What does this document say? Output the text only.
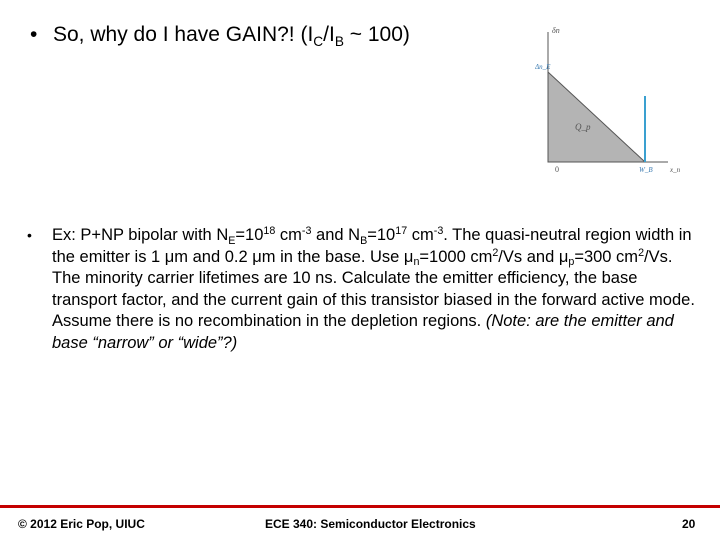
• So, why do I have GAIN?! ($I_C/I_B$ ~ 100)	δn
Δn_E
Q_p
0	W_B x_n
• Ex: P+NP bipolar with $N_E=10^{18}$ $cm^{-3}$ and $N_B=10^{17}$ $cm^{-3}$. The quasi-neutral region width in the emitter is 1 μm and 0.2 μm in the base. Use $\mu_n=1000$ $cm^2/Vs$ and $\mu_p=300$ $cm^2/Vs$. The minority carrier lifetimes are 10 ns. Calculate the emitter efficiency, the base transport factor, and the current gain of this transistor biased in the forward active mode. Assume there is no recombination in the depletion regions. (Note: are the emitter and base “narrow” or “wide”?)
© 2012 Eric Pop, UIUC	ECE 340: Semiconductor Electronics	20
